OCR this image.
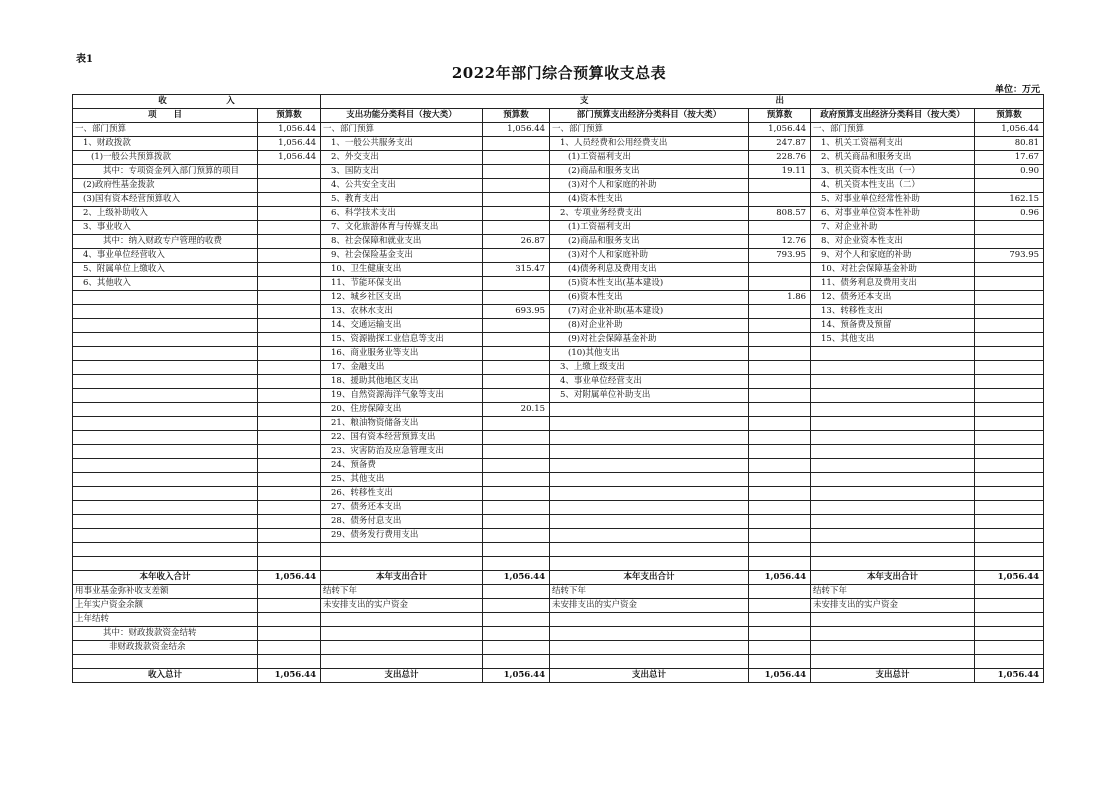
表1
2022年部门综合预算收支总表
单位：万元
收　　　　　　　入		支　　　　　　　　　　　　　　　　　　　　　　出					
项　　目	预算数	支出功能分类科目（按大类）	预算数	部门预算支出经济分类科目（按大类）	预算数	政府预算支出经济分类科目（按大类）	预算数
一、部门预算	1,056.44	一、部门预算	1,056.44	一、部门预算	1,056.44	一、部门预算	1,056.44
1、财政拨款	1,056.44	1、一般公共服务支出		1、人员经费和公用经费支出	247.87	1、机关工资福利支出	80.81
(1)一般公共预算拨款	1,056.44	2、外交支出		(1)工资福利支出	228.76	2、机关商品和服务支出	17.67
其中：专项资金列入部门预算的项目		3、国防支出		(2)商品和服务支出	19.11	3、机关资本性支出（一）	0.90
(2)政府性基金拨款		4、公共安全支出		(3)对个人和家庭的补助		4、机关资本性支出（二）	
(3)国有资本经营预算收入		5、教育支出		(4)资本性支出		5、对事业单位经常性补助	162.15
2、上级补助收入		6、科学技术支出		2、专项业务经费支出	808.57	6、对事业单位资本性补助	0.96
3、事业收入		7、文化旅游体育与传媒支出		(1)工资福利支出		7、对企业补助	
其中：纳入财政专户管理的收费		8、社会保障和就业支出	26.87	(2)商品和服务支出	12.76	8、对企业资本性支出	
4、事业单位经营收入		9、社会保险基金支出		(3)对个人和家庭补助	793.95	9、对个人和家庭的补助	793.95
5、附属单位上缴收入		10、卫生健康支出	315.47	(4)债务利息及费用支出		10、对社会保障基金补助	
6、其他收入		11、节能环保支出		(5)资本性支出(基本建设)		11、债务利息及费用支出	
		12、城乡社区支出		(6)资本性支出	1.86	12、债务还本支出	
		13、农林水支出	693.95	(7)对企业补助(基本建设)		13、转移性支出	
		14、交通运输支出		(8)对企业补助		14、预备费及预留	
		15、资源勘探工业信息等支出		(9)对社会保障基金补助		15、其他支出	
		16、商业服务业等支出		(10)其他支出			
		17、金融支出		3、上缴上级支出			
		18、援助其他地区支出		4、事业单位经营支出			
		19、自然资源海洋气象等支出		5、对附属单位补助支出			
		20、住房保障支出	20.15				
		21、粮油物资储备支出					
		22、国有资本经营预算支出					
		23、灾害防治及应急管理支出					
		24、预备费					
		25、其他支出					
		26、转移性支出					
		27、债务还本支出					
		28、债务付息支出					
		29、债务发行费用支出					

本年收入合计	1,056.44	本年支出合计	1,056.44	本年支出合计	1,056.44	本年支出合计	1,056.44
用事业基金弥补收支差额		结转下年		结转下年		结转下年	
上年实户资金余额		未安排支出的实户资金		未安排支出的实户资金		未安排支出的实户资金	
上年结转							
其中：财政拨款资金结转							
非财政拨款资金结余							

收入总计	1,056.44	支出总计	1,056.44	支出总计	1,056.44	支出总计	1,056.44
